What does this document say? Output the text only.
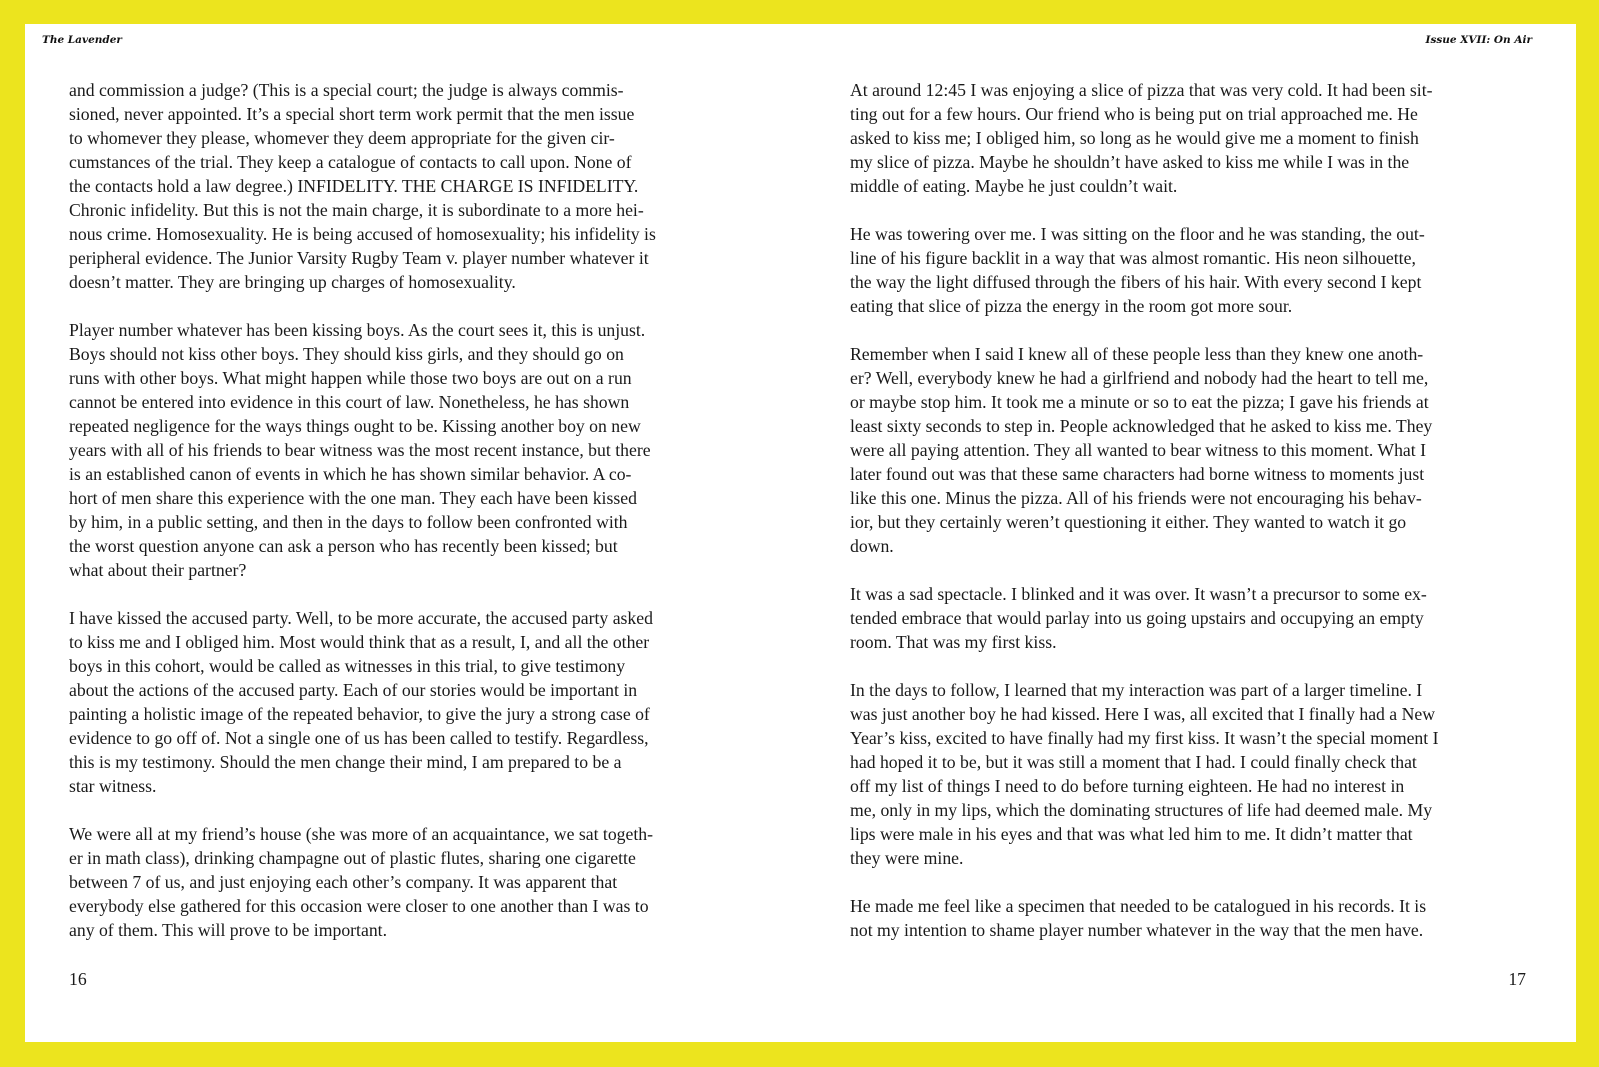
The Lavender	Issue XVII: On Air

and commission a judge? (This is a special court; the judge is always commis-
sioned, never appointed. It’s a special short term work permit that the men issue
to whomever they please, whomever they deem appropriate for the given cir-
cumstances of the trial. They keep a catalogue of contacts to call upon. None of
the contacts hold a law degree.) INFIDELITY. THE CHARGE IS INFIDELITY.
Chronic infidelity. But this is not the main charge, it is subordinate to a more hei-
nous crime. Homosexuality. He is being accused of homosexuality; his infidelity is
peripheral evidence. The Junior Varsity Rugby Team v. player number whatever it
doesn’t matter. They are bringing up charges of homosexuality.

Player number whatever has been kissing boys. As the court sees it, this is unjust.
Boys should not kiss other boys. They should kiss girls, and they should go on
runs with other boys. What might happen while those two boys are out on a run
cannot be entered into evidence in this court of law. Nonetheless, he has shown
repeated negligence for the ways things ought to be. Kissing another boy on new
years with all of his friends to bear witness was the most recent instance, but there
is an established canon of events in which he has shown similar behavior. A co-
hort of men share this experience with the one man. They each have been kissed
by him, in a public setting, and then in the days to follow been confronted with
the worst question anyone can ask a person who has recently been kissed; but
what about their partner?

I have kissed the accused party. Well, to be more accurate, the accused party asked
to kiss me and I obliged him. Most would think that as a result, I, and all the other
boys in this cohort, would be called as witnesses in this trial, to give testimony
about the actions of the accused party. Each of our stories would be important in
painting a holistic image of the repeated behavior, to give the jury a strong case of
evidence to go off of. Not a single one of us has been called to testify. Regardless,
this is my testimony. Should the men change their mind, I am prepared to be a
star witness.

We were all at my friend’s house (she was more of an acquaintance, we sat togeth-
er in math class), drinking champagne out of plastic flutes, sharing one cigarette
between 7 of us, and just enjoying each other’s company. It was apparent that
everybody else gathered for this occasion were closer to one another than I was to
any of them. This will prove to be important.

At around 12:45 I was enjoying a slice of pizza that was very cold. It had been sit-
ting out for a few hours. Our friend who is being put on trial approached me. He
asked to kiss me; I obliged him, so long as he would give me a moment to finish
my slice of pizza. Maybe he shouldn’t have asked to kiss me while I was in the
middle of eating. Maybe he just couldn’t wait.

He was towering over me. I was sitting on the floor and he was standing, the out-
line of his figure backlit in a way that was almost romantic. His neon silhouette,
the way the light diffused through the fibers of his hair. With every second I kept
eating that slice of pizza the energy in the room got more sour.

Remember when I said I knew all of these people less than they knew one anoth-
er? Well, everybody knew he had a girlfriend and nobody had the heart to tell me,
or maybe stop him. It took me a minute or so to eat the pizza; I gave his friends at
least sixty seconds to step in. People acknowledged that he asked to kiss me. They
were all paying attention. They all wanted to bear witness to this moment. What I
later found out was that these same characters had borne witness to moments just
like this one. Minus the pizza. All of his friends were not encouraging his behav-
ior, but they certainly weren’t questioning it either. They wanted to watch it go
down.

It was a sad spectacle. I blinked and it was over. It wasn’t a precursor to some ex-
tended embrace that would parlay into us going upstairs and occupying an empty
room. That was my first kiss.

In the days to follow, I learned that my interaction was part of a larger timeline. I
was just another boy he had kissed. Here I was, all excited that I finally had a New
Year’s kiss, excited to have finally had my first kiss. It wasn’t the special moment I
had hoped it to be, but it was still a moment that I had. I could finally check that
off my list of things I need to do before turning eighteen. He had no interest in
me, only in my lips, which the dominating structures of life had deemed male. My
lips were male in his eyes and that was what led him to me. It didn’t matter that
they were mine.

He made me feel like a specimen that needed to be catalogued in his records. It is
not my intention to shame player number whatever in the way that the men have.

16	17
